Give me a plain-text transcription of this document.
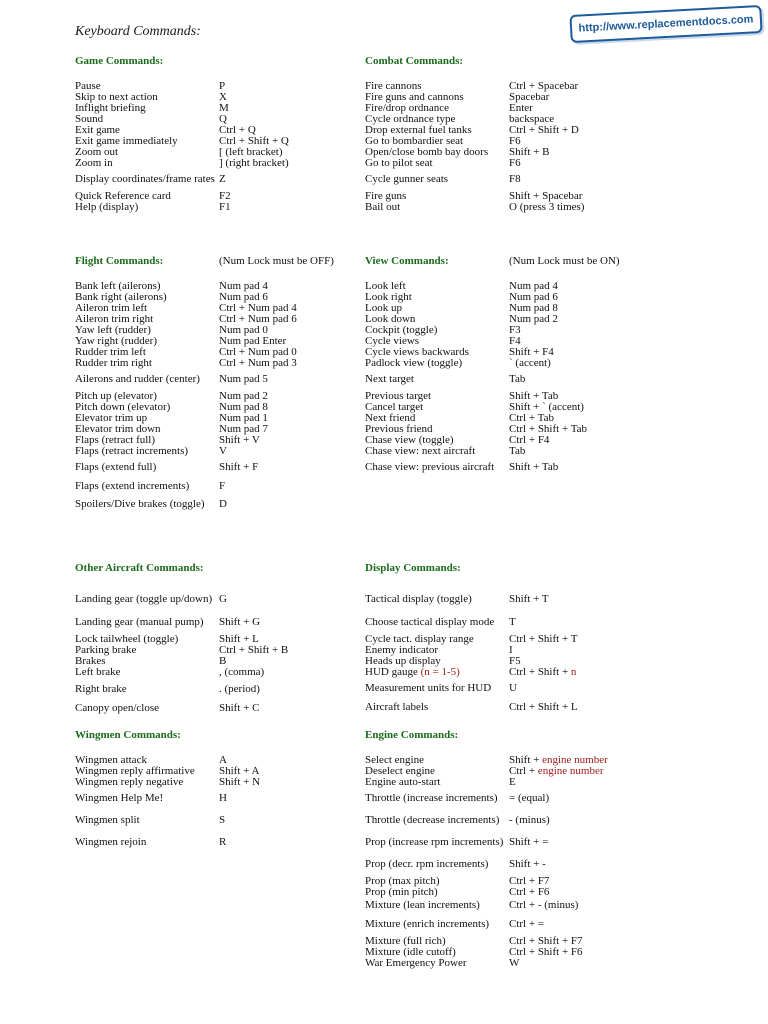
Keyboard Commands:	http://www.replacementdocs.com
Game Commands:
Pause	P
Skip to next action	X
Inflight briefing	M
Sound	Q
Exit game	Ctrl + Q
Exit game immediately	Ctrl + Shift + Q
Zoom out	[ (left bracket)
Zoom in	] (right bracket)
Display coordinates/frame rates Z
Quick Reference card	F2
Help (display)	F1
Flight Commands:	(Num Lock must be OFF)
Bank left (ailerons)	Num pad 4
Bank right (ailerons)	Num pad 6
Aileron trim left	Ctrl + Num pad 4
Aileron trim right	Ctrl + Num pad 6
Yaw left (rudder)	Num pad 0
Yaw right (rudder)	Num pad Enter
Rudder trim left	Ctrl + Num pad 0
Rudder trim right	Ctrl + Num pad 3
Ailerons and rudder (center)	Num pad 5
Pitch up (elevator)	Num pad 2
Pitch down (elevator)	Num pad 8
Elevator trim up	Num pad 1
Elevator trim down	Num pad 7
Flaps (retract full)	Shift + V
Flaps (retract increments)	V
Flaps (extend full)	Shift + F
Flaps (extend increments)	F
Spoilers/Dive brakes (toggle)	D
Other Aircraft Commands:
Landing gear (toggle up/down) G
Landing gear (manual pump)	Shift + G
Lock tailwheel (toggle)	Shift + L
Parking brake	Ctrl + Shift + B
Brakes	B
Left brake	, (comma)
Right brake	. (period)
Canopy open/close	Shift + C
Wingmen Commands:
Wingmen attack	A
Wingmen reply affirmative	Shift + A
Wingmen reply negative	Shift + N
Wingmen Help Me!	H
Wingmen split	S
Wingmen rejoin	R
Combat Commands:
Fire cannons	Ctrl + Spacebar
Fire guns and cannons	Spacebar
Fire/drop ordnance	Enter
Cycle ordnance type	backspace
Drop external fuel tanks	Ctrl + Shift + D
Go to bombardier seat	F6
Open/close bomb bay doors	Shift + B
Go to pilot seat	F6
Cycle gunner seats	F8
Fire guns	Shift + Spacebar
Bail out	O (press 3 times)
View Commands:	(Num Lock must be ON)
Look left	Num pad 4
Look right	Num pad 6
Look up	Num pad 8
Look down	Num pad 2
Cockpit (toggle)	F3
Cycle views	F4
Cycle views backwards	Shift + F4
Padlock view (toggle)	` (accent)
Next target	Tab
Previous target	Shift + Tab
Cancel target	Shift + ` (accent)
Next friend	Ctrl + Tab
Previous friend	Ctrl + Shift + Tab
Chase view (toggle)	Ctrl + F4
Chase view: next aircraft	Tab
Chase view: previous aircraft	Shift + Tab
Display Commands:
Tactical display (toggle)	Shift + T
Choose tactical display mode	T
Cycle tact. display range	Ctrl + Shift + T
Enemy indicator	I
Heads up display	F5
HUD gauge (n = 1-5)	Ctrl + Shift + n
Measurement units for HUD	U
Aircraft labels	Ctrl + Shift + L
Engine Commands:
Select engine	Shift + engine number
Deselect engine	Ctrl + engine number
Engine auto-start	E
Throttle (increase increments)	= (equal)
Throttle (decrease increments) - (minus)
Prop (increase rpm increments) Shift + =
Prop (decr. rpm increments)	Shift + -
Prop (max pitch)	Ctrl + F7
Prop (min pitch)	Ctrl + F6
Mixture (lean increments)	Ctrl + - (minus)
Mixture (enrich increments)	Ctrl + =
Mixture (full rich)	Ctrl + Shift + F7
Mixture (idle cutoff)	Ctrl + Shift + F6
War Emergency Power	W
